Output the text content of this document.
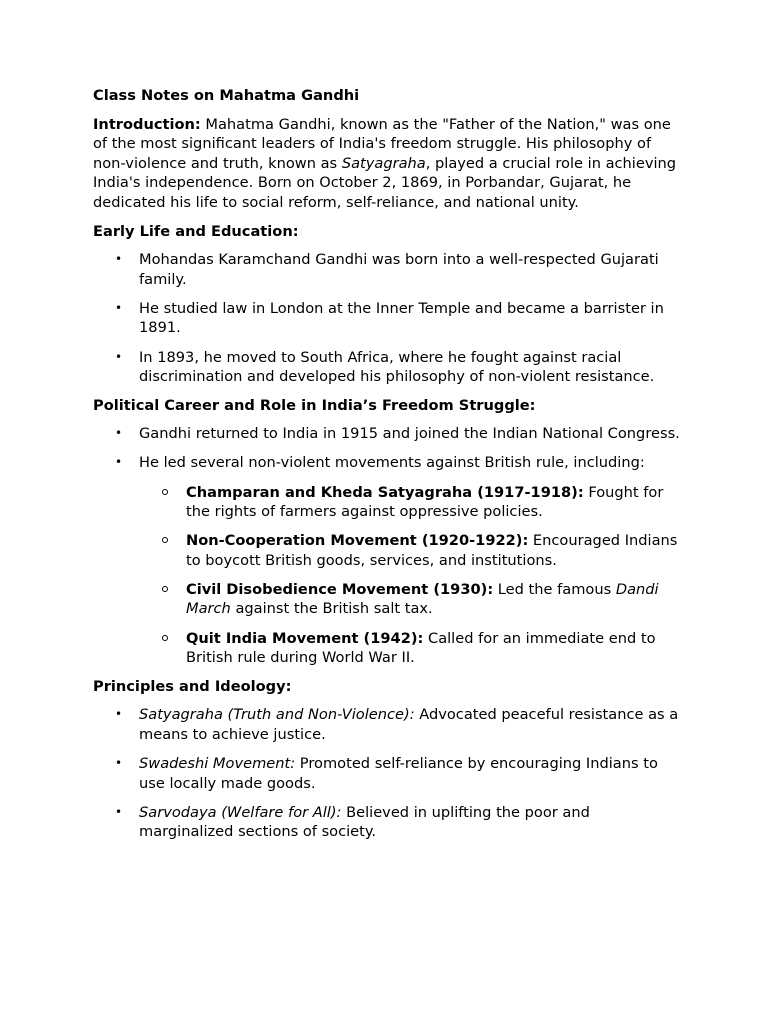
Class Notes on Mahatma Gandhi

Introduction: Mahatma Gandhi, known as the "Father of the Nation," was one of the most significant leaders of India's freedom struggle. His philosophy of non-violence and truth, known as Satyagraha, played a crucial role in achieving India's independence. Born on October 2, 1869, in Porbandar, Gujarat, he dedicated his life to social reform, self-reliance, and national unity.

Early Life and Education:
• Mohandas Karamchand Gandhi was born into a well-respected Gujarati family.
• He studied law in London at the Inner Temple and became a barrister in 1891.
• In 1893, he moved to South Africa, where he fought against racial discrimination and developed his philosophy of non-violent resistance.
Political Career and Role in India’s Freedom Struggle:
• Gandhi returned to India in 1915 and joined the Indian National Congress.
• He led several non-violent movements against British rule, including:
Champaran and Kheda Satyagraha (1917-1918): Fought for the rights of farmers against oppressive policies.
Non-Cooperation Movement (1920-1922): Encouraged Indians to boycott British goods, services, and institutions.
Civil Disobedience Movement (1930): Led the famous Dandi March against the British salt tax.
Quit India Movement (1942): Called for an immediate end to British rule during World War II.
Principles and Ideology:
• Satyagraha (Truth and Non-Violence): Advocated peaceful resistance as a means to achieve justice.
• Swadeshi Movement: Promoted self-reliance by encouraging Indians to use locally made goods.
• Sarvodaya (Welfare for All): Believed in uplifting the poor and marginalized sections of society.
